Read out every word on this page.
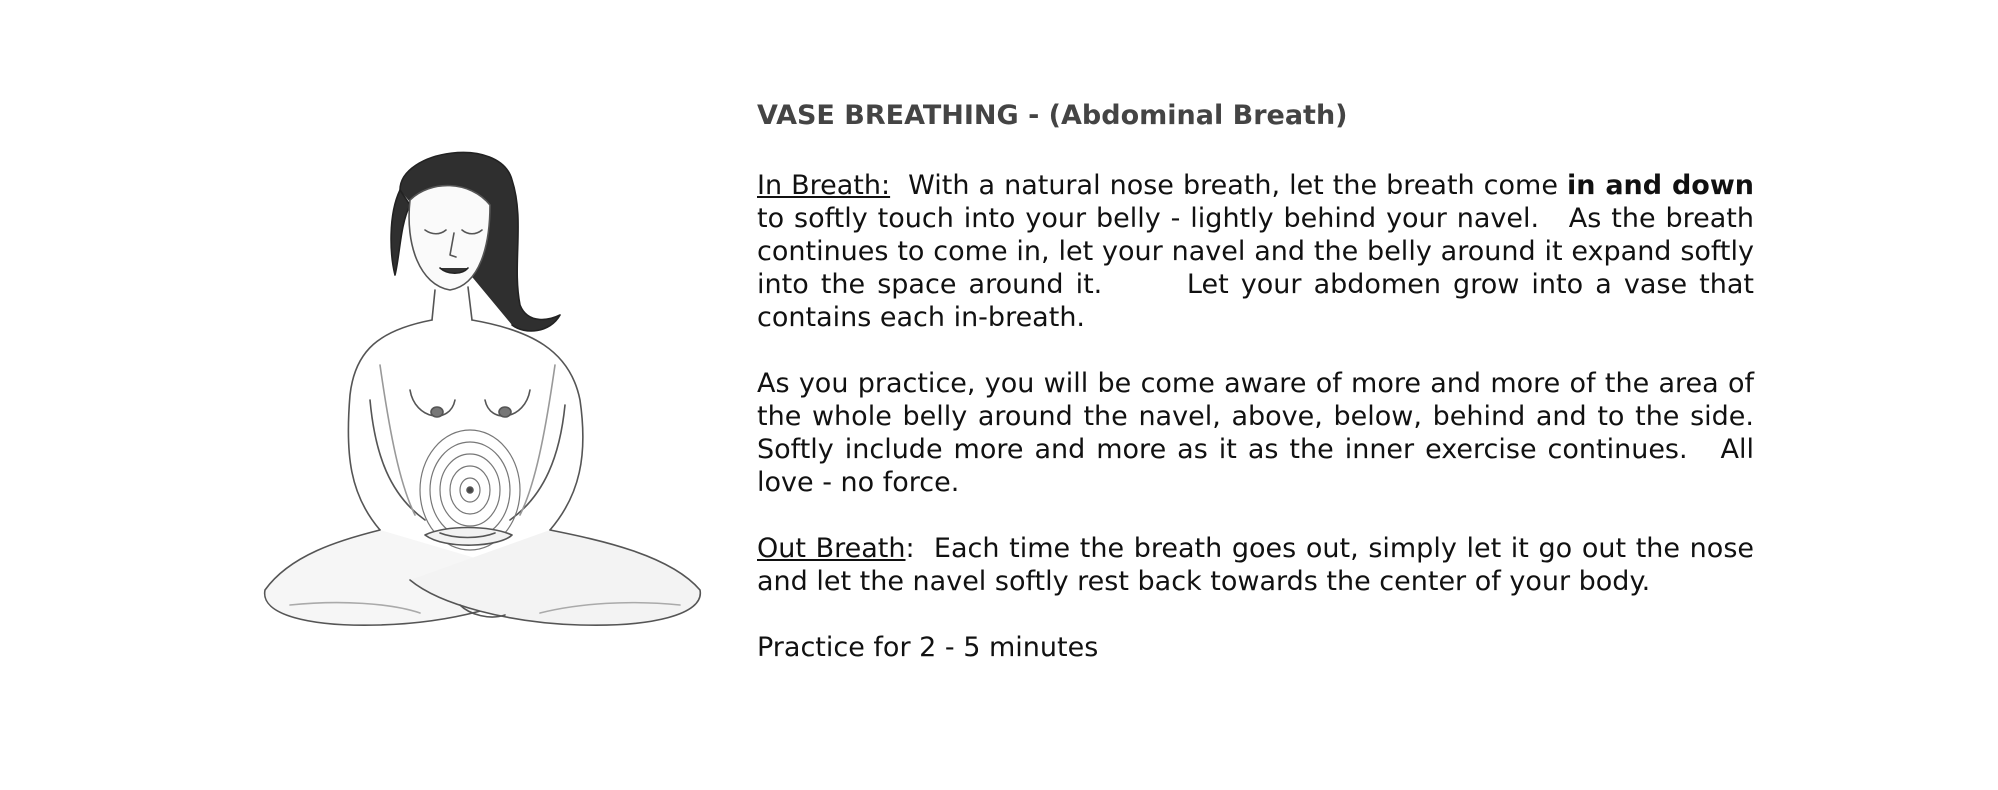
VASE BREATHING - (Abdominal Breath)

In Breath:  With a natural nose breath, let the breath come in and down to softly touch into your belly - lightly behind your navel.   As the breath continues to come in, let your navel and the belly around it expand softly into the space around it.       Let your abdomen grow into a vase that contains each in-breath.

As you practice, you will be come aware of more and more of the area of the whole belly around the navel, above, below, behind and to the side. Softly include more and more as it as the inner exercise continues.   All love - no force.

Out Breath:  Each time the breath goes out, simply let it go out the nose and let the navel softly rest back towards the center of your body.

Practice for 2 - 5 minutes
